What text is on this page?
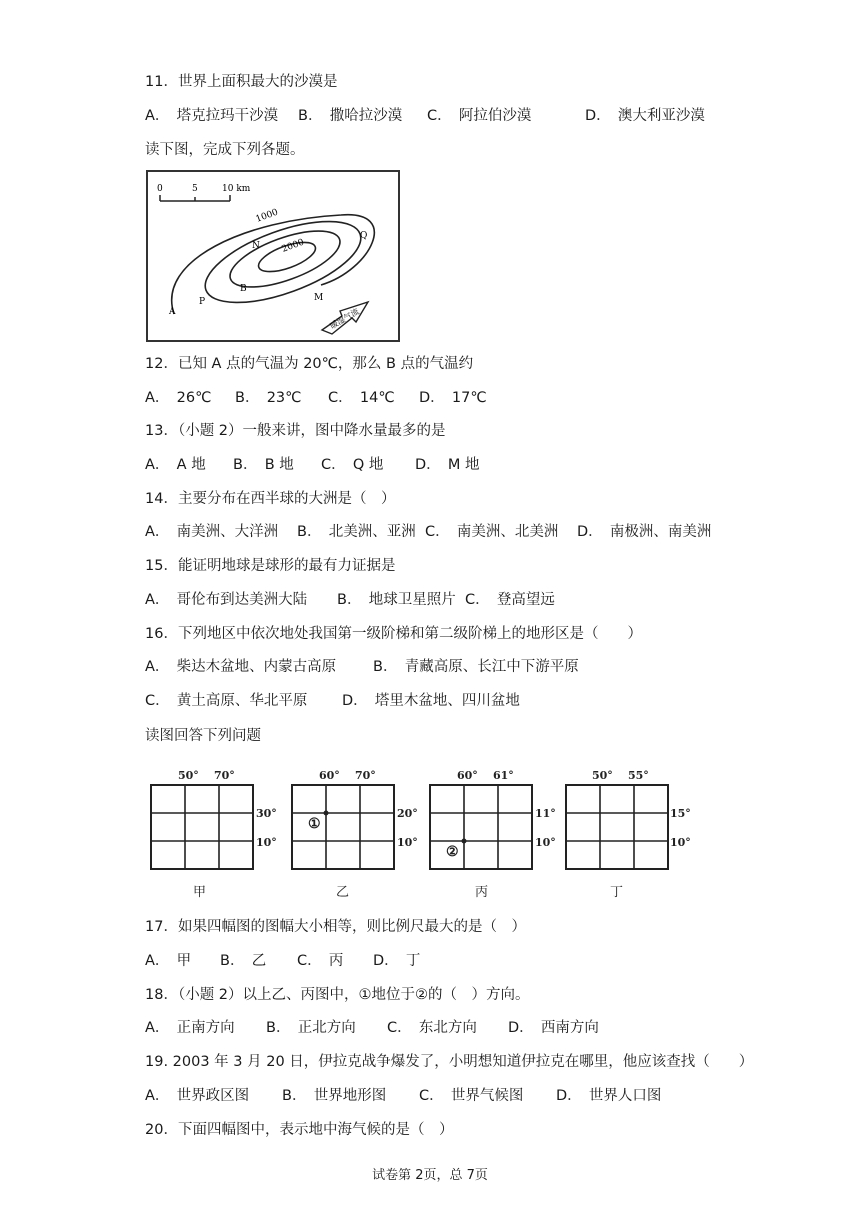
11．世界上面积最大的沙漠是
A．　塔克拉玛干沙漠 B．　撒哈拉沙漠 C．　阿拉伯沙漠	D．　澳大利亚沙漠
读下图，完成下列各题。
0	5	10 km
1000
2000
N
Q
B
M
A
P
暖湿气流
12．已知 A 点的气温为 20℃，那么 B 点的气温约
A．　26℃ B．　23℃ C．　14℃ D．　17℃
13．（小题 2）一般来讲，图中降水量最多的是
A．　A 地 B．　B 地 C．　Q 地 D．　M 地
14．主要分布在西半球的大洲是（　）
A．　南美洲、大洋洲 B．　北美洲、亚洲 C．　南美洲、北美洲 D．　南极洲、南美洲
15．能证明地球是球形的最有力证据是
A．　哥伦布到达美洲大陆 B．　地球卫星照片 C．　登高望远
16．下列地区中依次地处我国第一级阶梯和第二级阶梯上的地形区是（　　）
A．　柴达木盆地、内蒙古高原	B．　青藏高原、长江中下游平原
C．　黄土高原、华北平原 D．　塔里木盆地、四川盆地
读图回答下列问题
50° 70°
30°
10°
甲
60° 70°
20°
10°
①
乙
60° 61°
11°
10°
②
丙
50° 55°
15°
10°
丁
17．如果四幅图的图幅大小相等，则比例尺最大的是（　）
A．　甲 B．　乙 C．　丙 D．　丁
18．（小题 2）以上乙、丙图中，①地位于②的（　）方向。
A．　正南方向 B．　正北方向 C．　东北方向 D．　西南方向
19. 2003 年 3 月 20 日，伊拉克战争爆发了，小明想知道伊拉克在哪里，他应该查找（　　）
A．　世界政区图 B．　世界地形图 C．　世界气候图 D．　世界人口图
20．下面四幅图中，表示地中海气候的是（　）
试卷第 2页，总 7页
